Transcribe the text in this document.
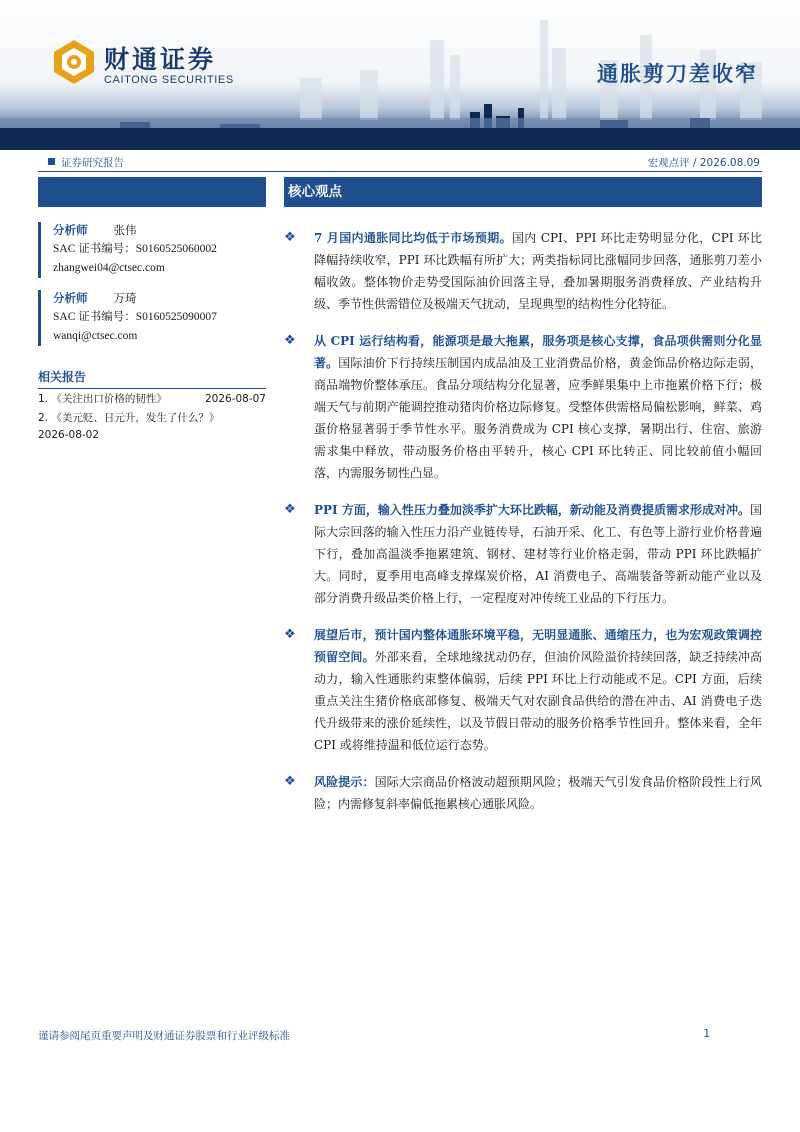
财通证券
CAITONG SECURITIES	通胀剪刀差收窄
证券研究报告	宏观点评 / 2026.08.09
分析师 张伟
SAC 证书编号：S0160525060002
zhangwei04@ctsec.com
分析师 万琦
SAC 证书编号：S0160525090007
wanqi@ctsec.com
相关报告
1. 《关注出口价格的韧性》	2026-08-07
2. 《美元贬、日元升，发生了什么？》
2026-08-02
核心观点
❖ 7 月国内通胀同比均低于市场预期。国内 CPI、PPI 环比走势明显分化，CPI 环比降幅持续收窄，PPI 环比跌幅有所扩大；两类指标同比涨幅同步回落，通胀剪刀差小幅收敛。整体物价走势受国际油价回落主导，叠加暑期服务消费释放、产业结构升级、季节性供需错位及极端天气扰动，呈现典型的结构性分化特征。
❖ 从 CPI 运行结构看，能源项是最大拖累，服务项是核心支撑，食品项供需则分化显著。国际油价下行持续压制国内成品油及工业消费品价格，黄金饰品价格边际走弱，商品端物价整体承压。食品分项结构分化显著，应季鲜果集中上市拖累价格下行；极端天气与前期产能调控推动猪肉价格边际修复。受整体供需格局偏松影响，鲜菜、鸡蛋价格显著弱于季节性水平。服务消费成为 CPI 核心支撑，暑期出行、住宿、旅游需求集中释放，带动服务价格由平转升，核心 CPI 环比转正、同比较前值小幅回落，内需服务韧性凸显。
❖ PPI 方面，输入性压力叠加淡季扩大环比跌幅，新动能及消费提质需求形成对冲。国际大宗回落的输入性压力沿产业链传导，石油开采、化工、有色等上游行业价格普遍下行，叠加高温淡季拖累建筑、钢材、建材等行业价格走弱，带动 PPI 环比跌幅扩大。同时，夏季用电高峰支撑煤炭价格，AI 消费电子、高端装备等新动能产业以及部分消费升级品类价格上行，一定程度对冲传统工业品的下行压力。
❖ 展望后市，预计国内整体通胀环境平稳，无明显通胀、通缩压力，也为宏观政策调控预留空间。外部来看，全球地缘扰动仍存，但油价风险溢价持续回落，缺乏持续冲高动力，输入性通胀约束整体偏弱，后续 PPI 环比上行动能或不足。CPI 方面，后续重点关注生猪价格底部修复、极端天气对农副食品供给的潜在冲击、AI 消费电子迭代升级带来的涨价延续性，以及节假日带动的服务价格季节性回升。整体来看，全年 CPI 或将维持温和低位运行态势。
❖ 风险提示：国际大宗商品价格波动超预期风险；极端天气引发食品价格阶段性上行风险；内需修复斜率偏低拖累核心通胀风险。
谨请参阅尾页重要声明及财通证券股票和行业评级标准	1
